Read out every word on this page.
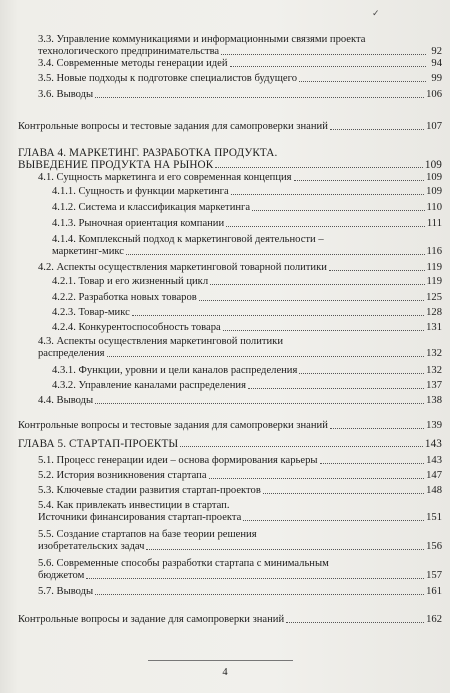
✓
3.3. Управление коммуникациями и информационными связями проекта
технологического предпринимательства	92
3.4. Современные методы генерации идей	94
3.5. Новые подходы к подготовке специалистов будущего	99
3.6. Выводы	106
Контрольные вопросы и тестовые задания для самопроверки знаний	107
ГЛАВА 4. МАРКЕТИНГ. РАЗРАБОТКА ПРОДУКТА.
ВЫВЕДЕНИЕ ПРОДУКТА НА РЫНОК	109
4.1. Сущность маркетинга и его современная концепция	109
4.1.1. Сущность и функции маркетинга	109
4.1.2. Система и классификация маркетинга	110
4.1.3. Рыночная ориентация компании	111
4.1.4. Комплексный подход к маркетинговой деятельности –
маркетинг-микс	116
4.2. Аспекты осуществления маркетинговой товарной политики	119
4.2.1. Товар и его жизненный цикл	119
4.2.2. Разработка новых товаров	125
4.2.3. Товар-микс	128
4.2.4. Конкурентоспособность товара	131
4.3. Аспекты осуществления маркетинговой политики
распределения	132
4.3.1. Функции, уровни и цели каналов распределения	132
4.3.2. Управление каналами распределения	137
4.4. Выводы	138
Контрольные вопросы и тестовые задания для самопроверки знаний	139
ГЛАВА 5. СТАРТАП-ПРОЕКТЫ	143
5.1. Процесс генерации идеи – основа формирования карьеры	143
5.2. История возникновения стартапа	147
5.3. Ключевые стадии развития стартап-проектов	148
5.4. Как привлекать инвестиции в стартап.
Источники финансирования стартап-проекта	151
5.5. Создание стартапов на базе теории решения
изобретательских задач	156
5.6. Современные способы разработки стартапа с минимальным
бюджетом	157
5.7. Выводы	161
Контрольные вопросы и задание для самопроверки знаний	162
4
